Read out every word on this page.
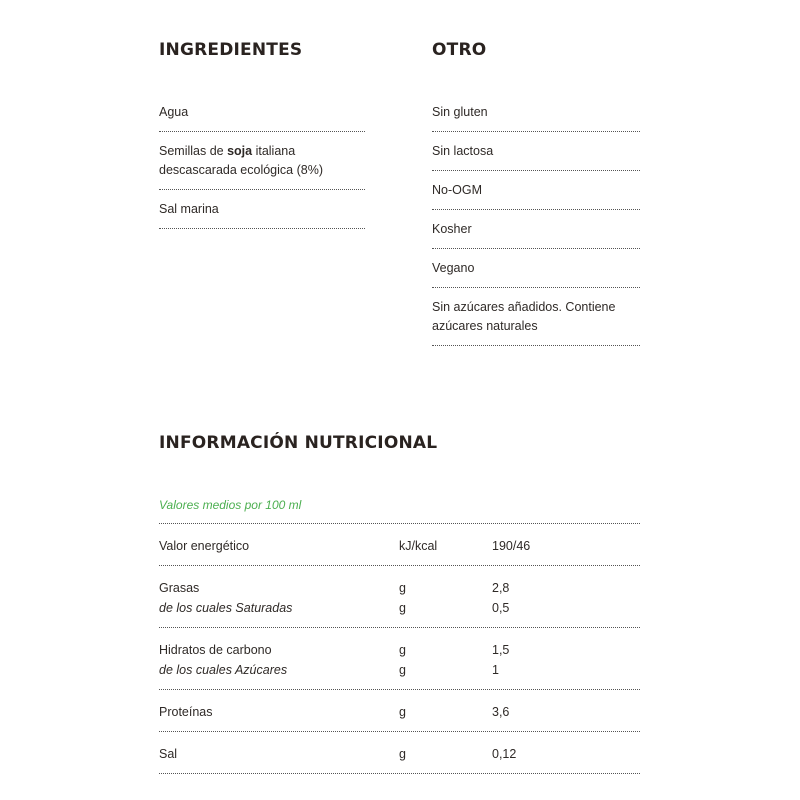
INGREDIENTES
Agua
Semillas de soja italiana descascarada ecológica (8%)
Sal marina
OTRO
Sin gluten
Sin lactosa
No-OGM
Kosher
Vegano
Sin azúcares añadidos. Contiene azúcares naturales
INFORMACIÓN NUTRICIONAL
Valores medios por 100 ml
Valor energético	kJ/kcal	190/46
Grasas	g	2,8
de los cuales Saturadas	g	0,5
Hidratos de carbono	g	1,5
de los cuales Azúcares	g	1
Proteínas	g	3,6
Sal	g	0,12
